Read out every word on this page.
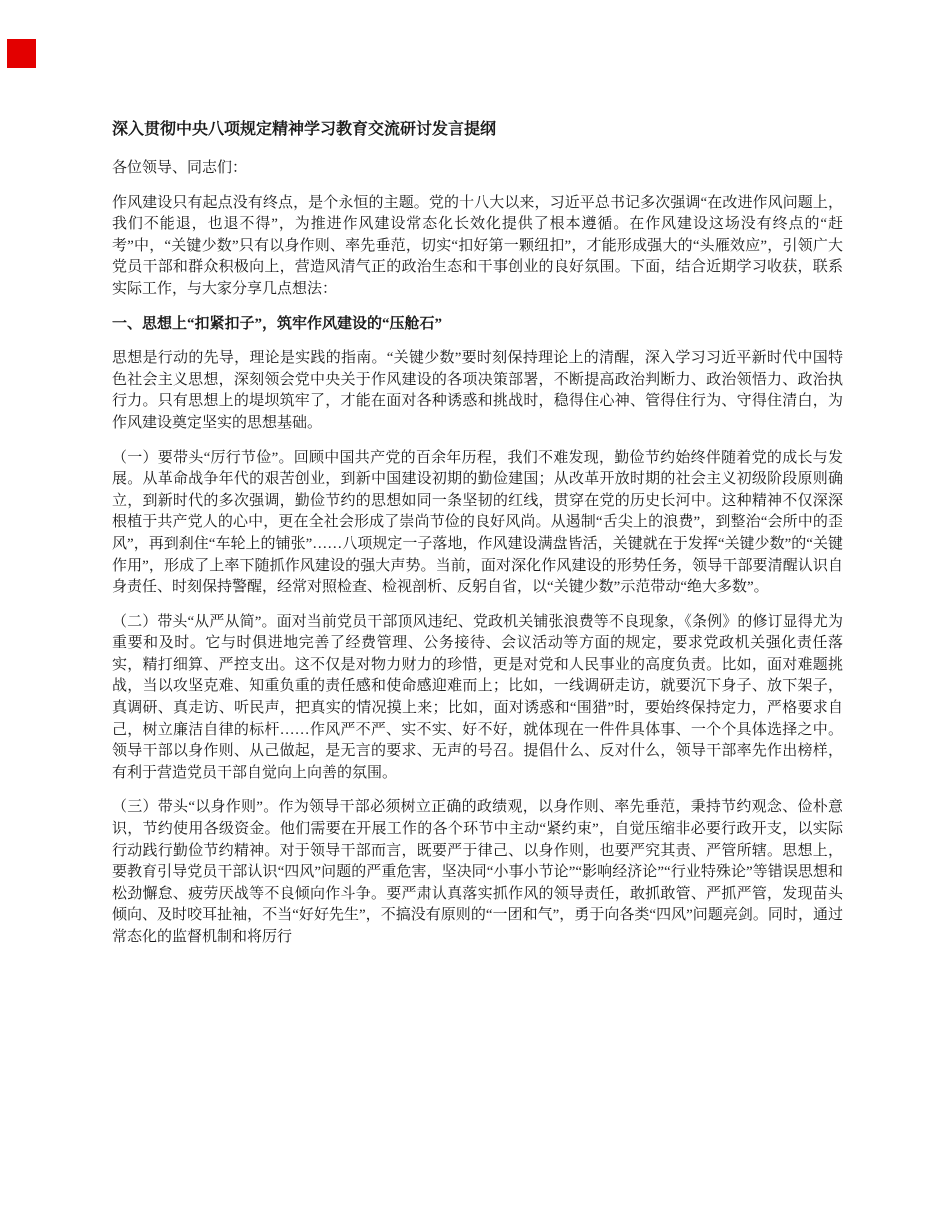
深入贯彻中央八项规定精神学习教育交流研讨发言提纲

各位领导、同志们：

作风建设只有起点没有终点，是个永恒的主题。党的十八大以来，习近平总书记多次强调“在改进作风问题上，我们不能退，也退不得”，为推进作风建设常态化长效化提供了根本遵循。在作风建设这场没有终点的“赶考”中，“关键少数”只有以身作则、率先垂范，切实“扣好第一颗纽扣”，才能形成强大的“头雁效应”，引领广大党员干部和群众积极向上，营造风清气正的政治生态和干事创业的良好氛围。下面，结合近期学习收获，联系实际工作，与大家分享几点想法：

一、思想上“扣紧扣子”，筑牢作风建设的“压舱石”

思想是行动的先导，理论是实践的指南。“关键少数”要时刻保持理论上的清醒，深入学习习近平新时代中国特色社会主义思想，深刻领会党中央关于作风建设的各项决策部署，不断提高政治判断力、政治领悟力、政治执行力。只有思想上的堤坝筑牢了，才能在面对各种诱惑和挑战时，稳得住心神、管得住行为、守得住清白，为作风建设奠定坚实的思想基础。

（一）要带头“厉行节俭”。回顾中国共产党的百余年历程，我们不难发现，勤俭节约始终伴随着党的成长与发展。从革命战争年代的艰苦创业，到新中国建设初期的勤俭建国；从改革开放时期的社会主义初级阶段原则确立，到新时代的多次强调，勤俭节约的思想如同一条坚韧的红线，贯穿在党的历史长河中。这种精神不仅深深根植于共产党人的心中，更在全社会形成了崇尚节俭的良好风尚。从遏制“舌尖上的浪费”，到整治“会所中的歪风”，再到刹住“车轮上的铺张”……八项规定一子落地，作风建设满盘皆活，关键就在于发挥“关键少数”的“关键作用”，形成了上率下随抓作风建设的强大声势。当前，面对深化作风建设的形势任务，领导干部要清醒认识自身责任、时刻保持警醒，经常对照检查、检视剖析、反躬自省，以“关键少数”示范带动“绝大多数”。

（二）带头“从严从简”。面对当前党员干部顶风违纪、党政机关铺张浪费等不良现象，《条例》的修订显得尤为重要和及时。它与时俱进地完善了经费管理、公务接待、会议活动等方面的规定，要求党政机关强化责任落实，精打细算、严控支出。这不仅是对物力财力的珍惜，更是对党和人民事业的高度负责。比如，面对难题挑战，当以攻坚克难、知重负重的责任感和使命感迎难而上；比如，一线调研走访，就要沉下身子、放下架子，真调研、真走访、听民声，把真实的情况摸上来；比如，面对诱惑和“围猎”时，要始终保持定力，严格要求自己，树立廉洁自律的标杆……作风严不严、实不实、好不好，就体现在一件件具体事、一个个具体选择之中。领导干部以身作则、从己做起，是无言的要求、无声的号召。提倡什么、反对什么，领导干部率先作出榜样，有利于营造党员干部自觉向上向善的氛围。

（三）带头“以身作则”。作为领导干部必须树立正确的政绩观，以身作则、率先垂范，秉持节约观念、俭朴意识，节约使用各级资金。他们需要在开展工作的各个环节中主动“紧约束”，自觉压缩非必要行政开支，以实际行动践行勤俭节约精神。对于领导干部而言，既要严于律己、以身作则，也要严究其责、严管所辖。思想上，要教育引导党员干部认识“四风”问题的严重危害，坚决同“小事小节论”“影响经济论”“行业特殊论”等错误思想和松劲懈怠、疲劳厌战等不良倾向作斗争。要严肃认真落实抓作风的领导责任，敢抓敢管、严抓严管，发现苗头倾向、及时咬耳扯袖，不当“好好先生”，不搞没有原则的“一团和气”，勇于向各类“四风”问题亮剑。同时，通过常态化的监督机制和将厉行
